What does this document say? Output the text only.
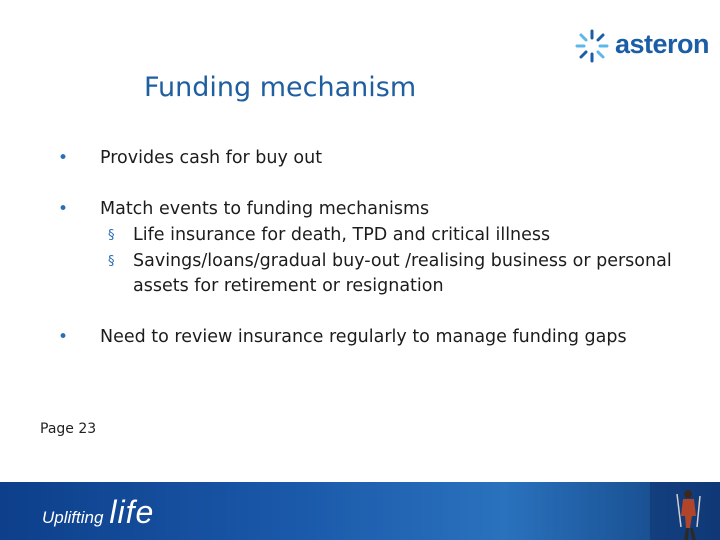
asteron
Funding mechanism
•	Provides cash for buy out
•	Match events to funding mechanisms
§	Life insurance for death, TPD and critical illness
§	Savings/loans/gradual buy-out /realising business or personal assets for retirement or resignation
•	Need to review insurance regularly to manage funding gaps
Page 23
Uplifting life
